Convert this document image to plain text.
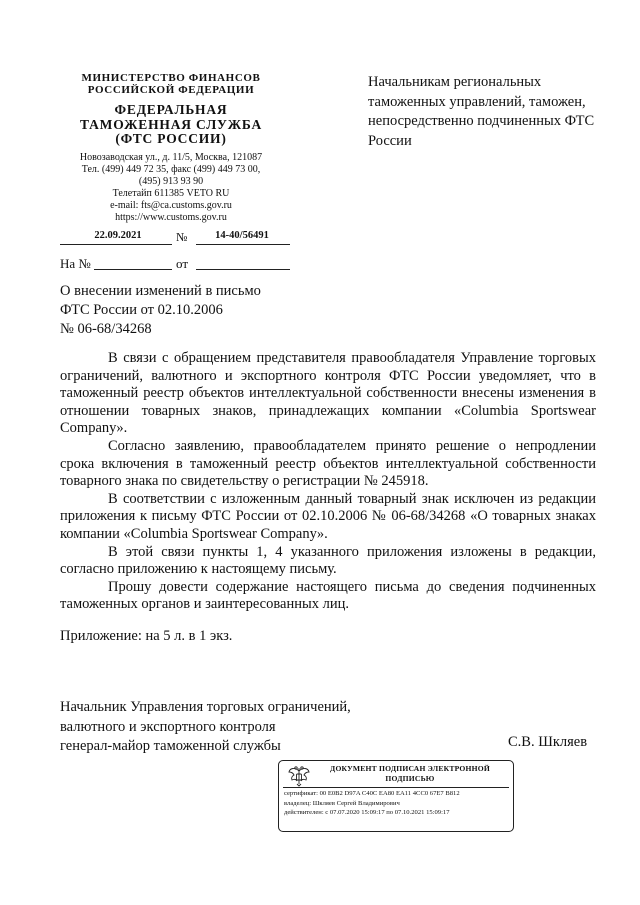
МИНИСТЕРСТВО ФИНАНСОВ РОССИЙСКОЙ ФЕДЕРАЦИИ
ФЕДЕРАЛЬНАЯ
ТАМОЖЕННАЯ СЛУЖБА
(ФТС РОССИИ)
Новозаводская ул., д. 11/5, Москва, 121087
Тел. (499) 449 72 35, факс (499) 449 73 00,
(495) 913 93 90
Телетайп 611385 VETO RU
e-mail: fts@ca.customs.gov.ru
https://www.customs.gov.ru
Начальникам региональных таможенных управлений, таможен, непосредственно подчиненных ФТС России
22.09.2021	№	14-40/56491
На №	от
О внесении изменений в письмо
ФТС России от 02.10.2006
№ 06-68/34268

В связи с обращением представителя правообладателя Управление торговых ограничений, валютного и экспортного контроля ФТС России уведомляет, что в таможенный реестр объектов интеллектуальной собственности внесены изменения в отношении товарных знаков, принадлежащих компании «Columbia Sportswear Company».

Согласно заявлению, правообладателем принято решение о непродлении срока включения в таможенный реестр объектов интеллектуальной собственности товарного знака по свидетельству о регистрации № 245918.

В соответствии с изложенным данный товарный знак исключен из редакции приложения к письму ФТС России от 02.10.2006 № 06-68/34268 «О товарных знаках компании «Columbia Sportswear Company».

В этой связи пункты 1, 4 указанного приложения изложены в редакции, согласно приложению к настоящему письму.

Прошу довести содержание настоящего письма до сведения подчиненных таможенных органов и заинтересованных лиц.

Приложение: на 5 л. в 1 экз.
Начальник Управления торговых ограничений,
валютного и экспортного контроля
генерал-майор таможенной службы	С.В. Шкляев
ДОКУМЕНТ ПОДПИСАН ЭЛЕКТРОННОЙ ПОДПИСЬЮ
сертификат: 00 E0B2 D97A C40C EA80 EA11 4CC0 67E7 B812
владелец: Шкляев Сергей Владимирович
действителен: с 07.07.2020 15:09:17 по 07.10.2021 15:09:17
